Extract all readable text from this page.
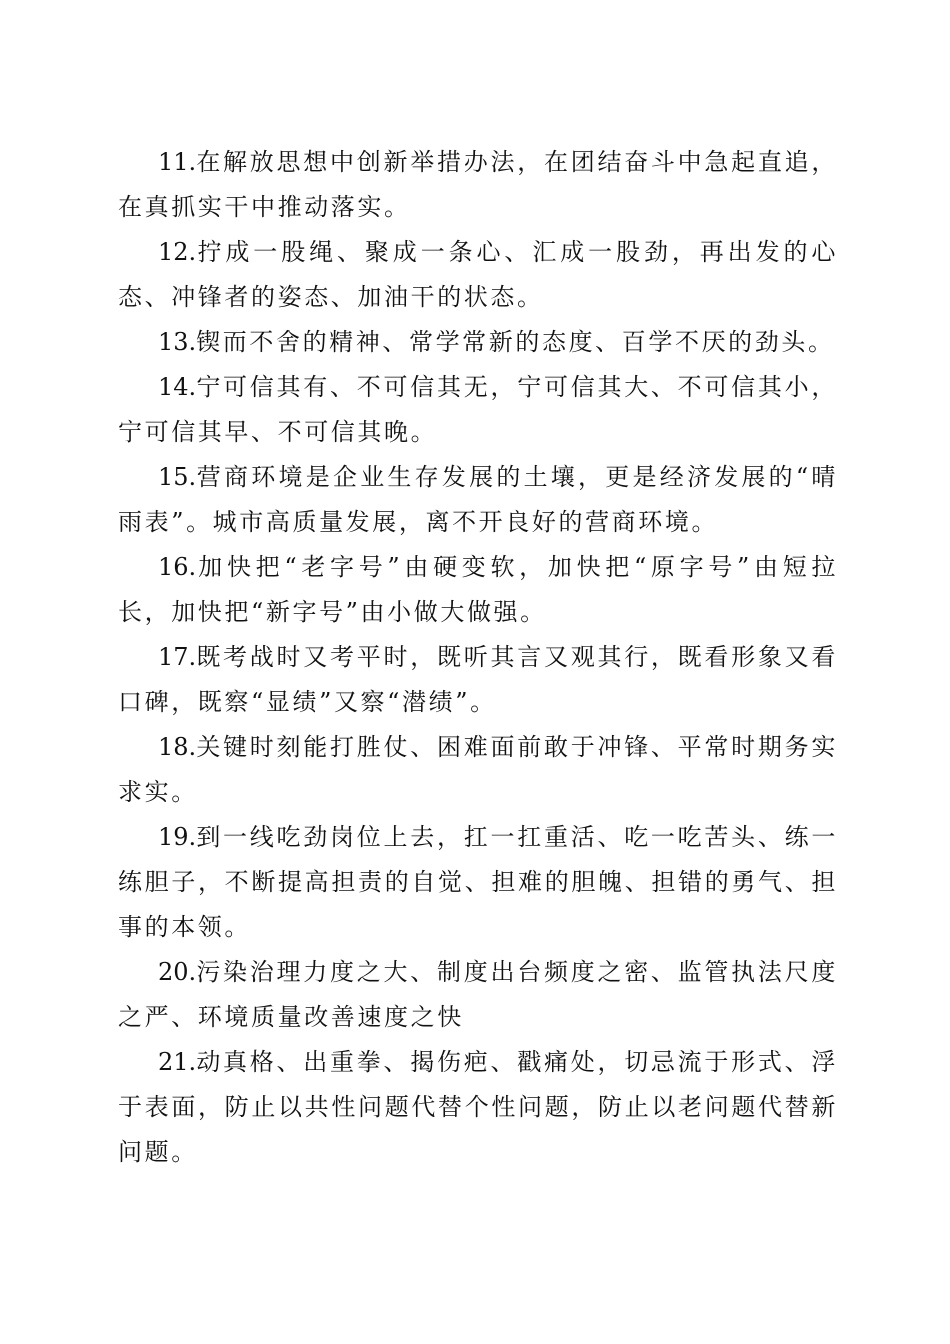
11.在解放思想中创新举措办法，在团结奋斗中急起直追，在真抓实干中推动落实。

12.拧成一股绳、聚成一条心、汇成一股劲，再出发的心态、冲锋者的姿态、加油干的状态。

13.锲而不舍的精神、常学常新的态度、百学不厌的劲头。

14.宁可信其有、不可信其无，宁可信其大、不可信其小，宁可信其早、不可信其晚。

15.营商环境是企业生存发展的土壤，更是经济发展的“晴雨表”。城市高质量发展，离不开良好的营商环境。

16.加快把“老字号”由硬变软，加快把“原字号”由短拉长，加快把“新字号”由小做大做强。

17.既考战时又考平时，既听其言又观其行，既看形象又看口碑，既察“显绩”又察“潜绩”。

18.关键时刻能打胜仗、困难面前敢于冲锋、平常时期务实求实。

19.到一线吃劲岗位上去，扛一扛重活、吃一吃苦头、练一练胆子，不断提高担责的自觉、担难的胆魄、担错的勇气、担事的本领。

20.污染治理力度之大、制度出台频度之密、监管执法尺度之严、环境质量改善速度之快

21.动真格、出重拳、揭伤疤、戳痛处，切忌流于形式、浮于表面，防止以共性问题代替个性问题，防止以老问题代替新问题。
